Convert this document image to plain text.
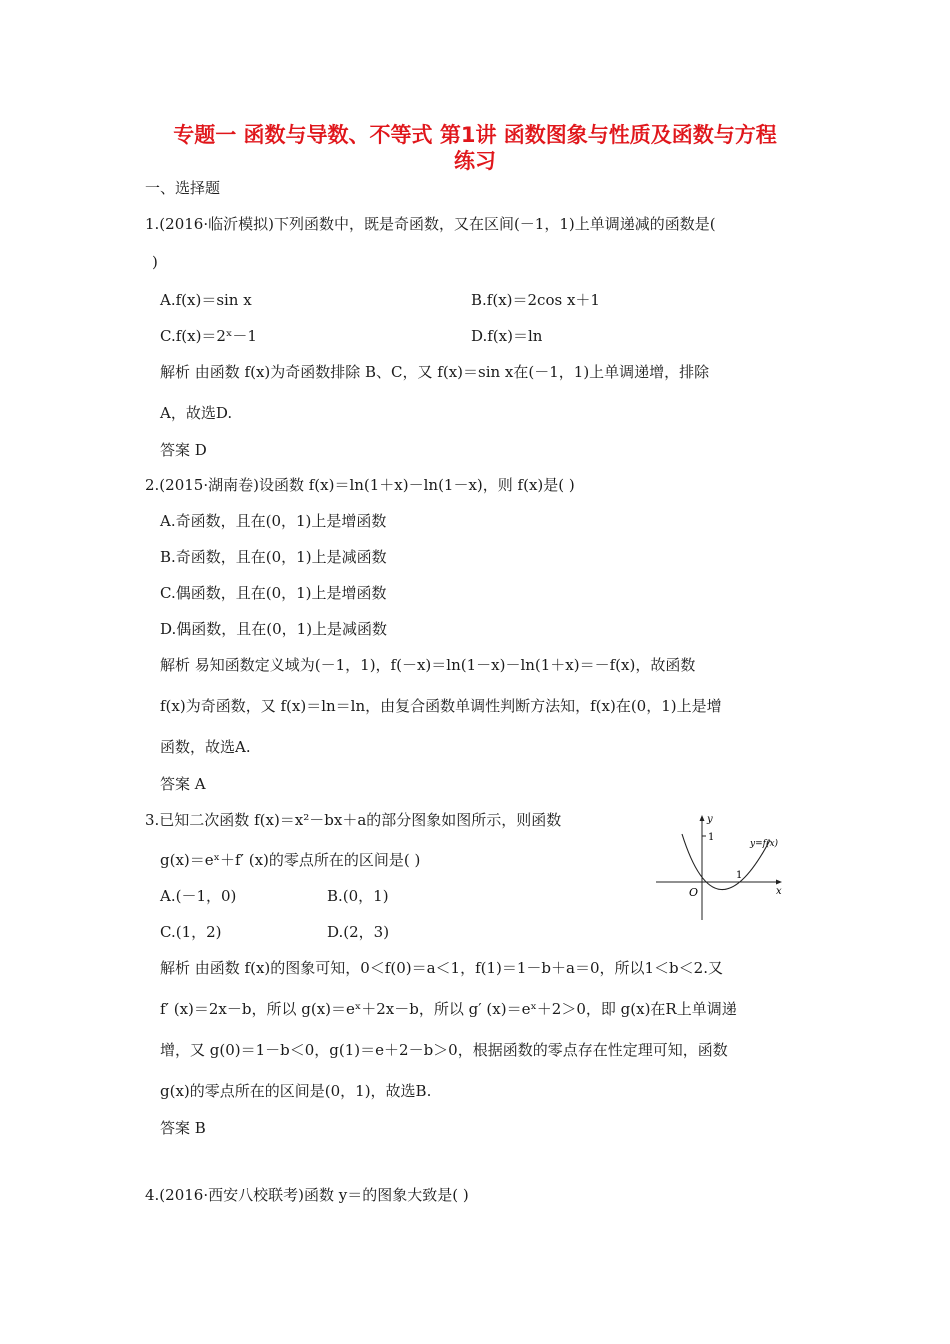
专题一 函数与导数、不等式 第1讲 函数图象与性质及函数与方程
练习
一、选择题
1.(2016·临沂模拟)下列函数中，既是奇函数，又在区间(－1，1)上单调递减的函数是(
)
A.f(x)＝sin x	B.f(x)＝2cos x＋1
C.f(x)＝2ˣ－1	D.f(x)＝ln
解析 由函数 f(x)为奇函数排除 B、C，又 f(x)＝sin x在(－1，1)上单调递增，排除
A，故选D.
答案 D
2.(2015·湖南卷)设函数 f(x)＝ln(1＋x)－ln(1－x)，则 f(x)是( )
A.奇函数，且在(0，1)上是增函数
B.奇函数，且在(0，1)上是减函数
C.偶函数，且在(0，1)上是增函数
D.偶函数，且在(0，1)上是减函数
解析 易知函数定义域为(－1，1)，f(－x)＝ln(1－x)－ln(1＋x)＝－f(x)，故函数
f(x)为奇函数，又 f(x)＝ln＝ln，由复合函数单调性判断方法知，f(x)在(0，1)上是增
函数，故选A.
答案 A
3.已知二次函数 f(x)＝x²－bx＋a的部分图象如图所示，则函数
g(x)＝eˣ＋f′ (x)的零点所在的区间是( )
A.(－1，0)	B.(0，1)
C.(1，2)	D.(2，3)
y
1
y=f(x)
1
x
O
解析 由函数 f(x)的图象可知，0＜f(0)＝a＜1，f(1)＝1－b＋a＝0，所以1＜b＜2.又
f′ (x)＝2x－b，所以 g(x)＝eˣ＋2x－b，所以 g′ (x)＝eˣ＋2＞0，即 g(x)在R上单调递
增，又 g(0)＝1－b＜0，g(1)＝e＋2－b＞0，根据函数的零点存在性定理可知，函数
g(x)的零点所在的区间是(0，1)，故选B.
答案 B
4.(2016·西安八校联考)函数 y＝的图象大致是( )
